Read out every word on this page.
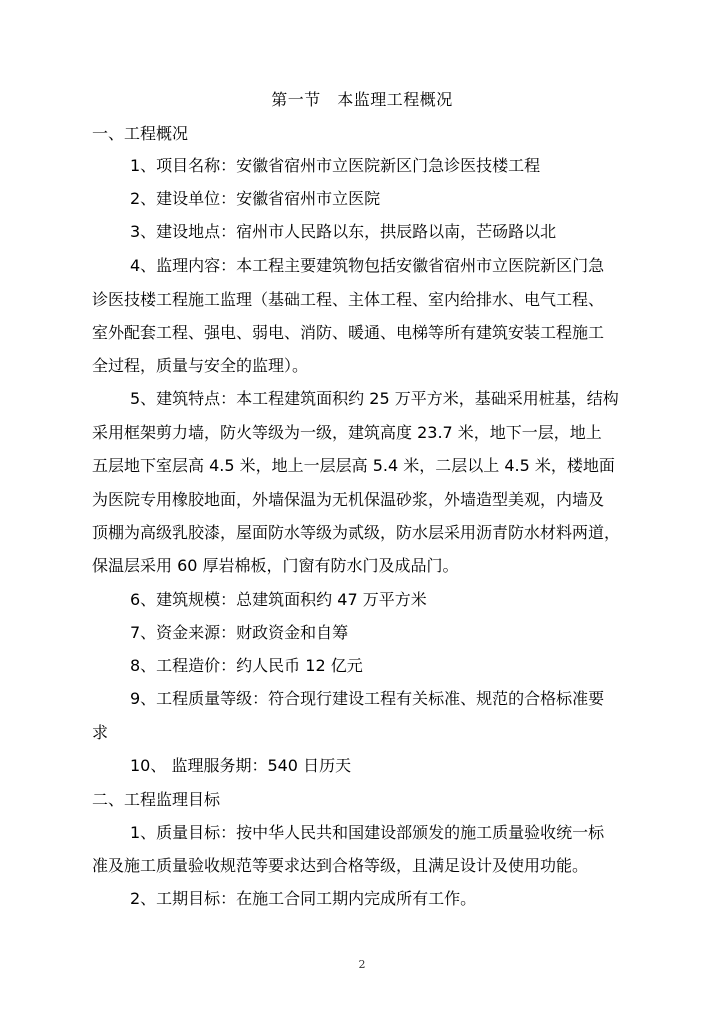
第一节　本监理工程概况
一、工程概况
1、项目名称：安徽省宿州市立医院新区门急诊医技楼工程
2、建设单位：安徽省宿州市立医院
3、建设地点：宿州市人民路以东，拱辰路以南，芒砀路以北
4、监理内容：本工程主要建筑物包括安徽省宿州市立医院新区门急
诊医技楼工程施工监理（基础工程、主体工程、室内给排水、电气工程、
室外配套工程、强电、弱电、消防、暖通、电梯等所有建筑安装工程施工
全过程，质量与安全的监理）。
5、建筑特点：本工程建筑面积约 25 万平方米，基础采用桩基，结构
采用框架剪力墙，防火等级为一级，建筑高度 23.7 米，地下一层，地上
五层地下室层高 4.5 米，地上一层层高 5.4 米，二层以上 4.5 米，楼地面
为医院专用橡胶地面，外墙保温为无机保温砂浆，外墙造型美观，内墙及
顶棚为高级乳胶漆，屋面防水等级为贰级，防水层采用沥青防水材料两道，
保温层采用 60 厚岩棉板，门窗有防水门及成品门。
6、建筑规模：总建筑面积约 47 万平方米
7、资金来源：财政资金和自筹
8、工程造价：约人民币 12 亿元
9、工程质量等级：符合现行建设工程有关标准、规范的合格标准要
求
10、 监理服务期：540 日历天
二、工程监理目标
1、质量目标：按中华人民共和国建设部颁发的施工质量验收统一标
准及施工质量验收规范等要求达到合格等级，且满足设计及使用功能。
2、工期目标：在施工合同工期内完成所有工作。
2
